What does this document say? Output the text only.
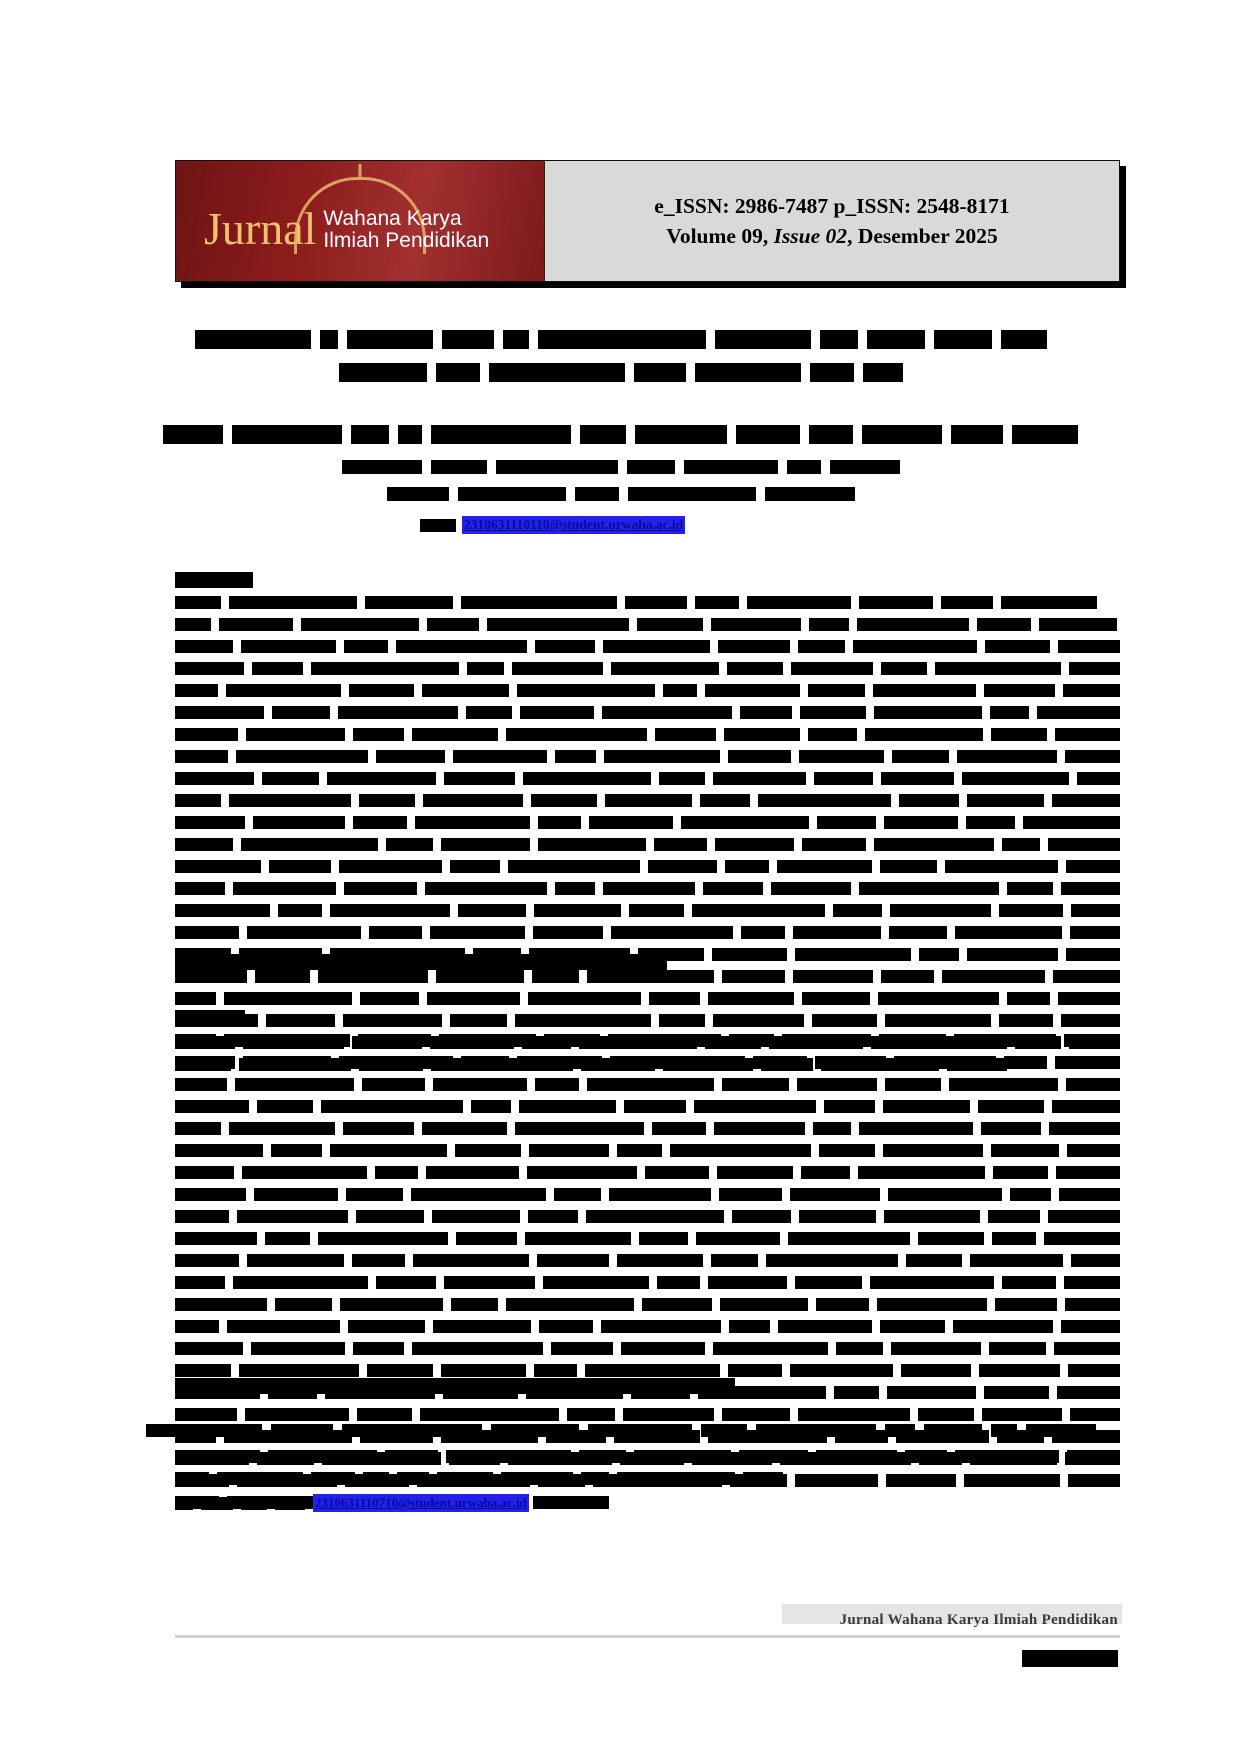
Jurnal Wahana Karya
Ilmiah Pendidikan
e_ISSN: 2986-7487 p_ISSN: 2548-8171
Volume 09, Issue 02, Desember 2025
2310631110110@student.urwaba.ac.id
2310631110710@student.urwaba.ac.id
Jurnal Wahana Karya Ilmiah Pendidikan
